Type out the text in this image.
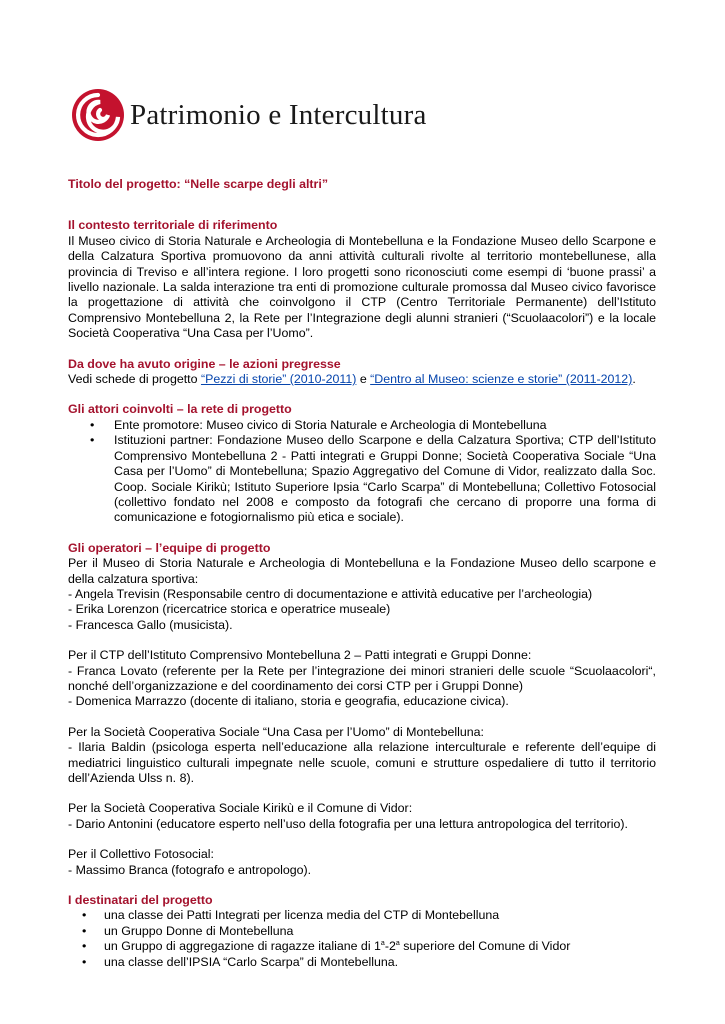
Patrimonio e Intercultura
Titolo del progetto: “Nelle scarpe degli altri”
Il contesto territoriale di riferimento

Il Museo civico di Storia Naturale e Archeologia di Montebelluna e la Fondazione Museo dello Scarpone e della Calzatura Sportiva promuovono da anni attività culturali rivolte al territorio montebellunese, alla provincia di Treviso e all’intera regione. I loro progetti sono riconosciuti come esempi di ‘buone prassi’ a livello nazionale. La salda interazione tra enti di promozione culturale promossa dal Museo civico favorisce la progettazione di attività che coinvolgono il CTP (Centro Territoriale Permanente) dell’Istituto Comprensivo Montebelluna 2, la Rete per l’Integrazione degli alunni stranieri (“Scuolaacolori”) e la locale Società Cooperativa “Una Casa per l’Uomo”.

Da dove ha avuto origine – le azioni pregresse

Vedi schede di progetto “Pezzi di storie” (2010-2011) e “Dentro al Museo: scienze e storie” (2011-2012).

Gli attori coinvolti – la rete di progetto
• Ente promotore: Museo civico di Storia Naturale e Archeologia di Montebelluna
• Istituzioni partner: Fondazione Museo dello Scarpone e della Calzatura Sportiva; CTP dell’Istituto Comprensivo Montebelluna 2 - Patti integrati e Gruppi Donne; Società Cooperativa Sociale “Una Casa per l’Uomo” di Montebelluna; Spazio Aggregativo del Comune di Vidor, realizzato dalla Soc. Coop. Sociale Kirikù; Istituto Superiore Ipsia “Carlo Scarpa” di Montebelluna; Collettivo Fotosocial (collettivo fondato nel 2008 e composto da fotografi che cercano di proporre una forma di comunicazione e fotogiornalismo più etica e sociale).
Gli operatori – l’equipe di progetto

Per il Museo di Storia Naturale e Archeologia di Montebelluna e la Fondazione Museo dello scarpone e della calzatura sportiva:

- Angela Trevisin (Responsabile centro di documentazione e attività educative per l’archeologia)
- Erika Lorenzon (ricercatrice storica e operatrice museale)
- Francesca Gallo (musicista).

Per il CTP dell’Istituto Comprensivo Montebelluna 2 – Patti integrati e Gruppi Donne:

- Franca Lovato (referente per la Rete per l’integrazione dei minori stranieri delle scuole “Scuolaacolori“, nonché dell’organizzazione e del coordinamento dei corsi CTP per i Gruppi Donne)

- Domenica Marrazzo (docente di italiano, storia e geografia, educazione civica).

Per la Società Cooperativa Sociale “Una Casa per l’Uomo” di Montebelluna:

- Ilaria Baldin (psicologa esperta nell’educazione alla relazione interculturale e referente dell’equipe di mediatrici linguistico culturali impegnate nelle scuole, comuni e strutture ospedaliere di tutto il territorio dell’Azienda Ulss n. 8).

Per la Società Cooperativa Sociale Kirikù e il Comune di Vidor:

- Dario Antonini (educatore esperto nell’uso della fotografia per una lettura antropologica del territorio).

Per il Collettivo Fotosocial:

- Massimo Branca (fotografo e antropologo).
I destinatari del progetto
• una classe dei Patti Integrati per licenza media del CTP di Montebelluna
• un Gruppo Donne di Montebelluna
• un Gruppo di aggregazione di ragazze italiane di 1$^a$-2$^a$ superiore del Comune di Vidor
• una classe dell’IPSIA “Carlo Scarpa” di Montebelluna.
